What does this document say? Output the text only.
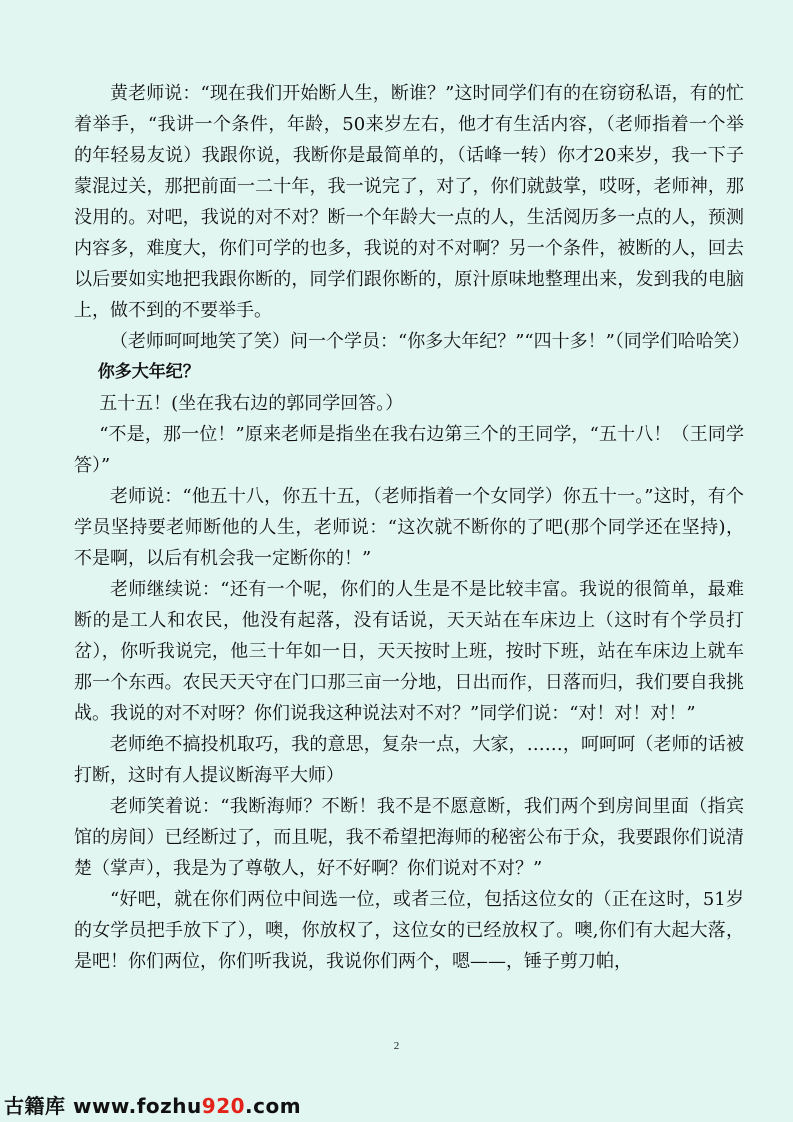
黄老师说：“现在我们开始断人生，断谁？”这时同学们有的在窃窃私语，有的忙着举手，“我讲一个条件，年龄，50来岁左右，他才有生活内容，（老师指着一个举的年轻易友说）我跟你说，我断你是最简单的，（话峰一转）你才20来岁，我一下子蒙混过关，那把前面一二十年，我一说完了，对了，你们就鼓掌，哎呀，老师神，那没用的。对吧，我说的对不对？断一个年龄大一点的人，生活阅历多一点的人，预测内容多，难度大，你们可学的也多，我说的对不对啊？另一个条件，被断的人，回去以后要如实地把我跟你断的，同学们跟你断的，原汁原味地整理出来，发到我的电脑上，做不到的不要举手。

（老师呵呵地笑了笑）问一个学员：“你多大年纪？”“四十多！”（同学们哈哈笑）

你多大年纪？

五十五！(坐在我右边的郭同学回答。）

“不是，那一位！”原来老师是指坐在我右边第三个的王同学，“五十八！（王同学答）”

老师说：“他五十八，你五十五，（老师指着一个女同学）你五十一。”这时，有个学员坚持要老师断他的人生，老师说：“这次就不断你的了吧(那个同学还在坚持)，不是啊，以后有机会我一定断你的！”

老师继续说：“还有一个呢，你们的人生是不是比较丰富。我说的很简单，最难断的是工人和农民，他没有起落，没有话说，天天站在车床边上（这时有个学员打岔），你听我说完，他三十年如一日，天天按时上班，按时下班，站在车床边上就车那一个东西。农民天天守在门口那三亩一分地，日出而作，日落而归，我们要自我挑战。我说的对不对呀？你们说我这种说法对不对？”同学们说：“对！对！对！”

老师绝不搞投机取巧，我的意思，复杂一点，大家，……，呵呵呵（老师的话被打断，这时有人提议断海平大师）

老师笑着说：“我断海师？不断！我不是不愿意断，我们两个到房间里面（指宾馆的房间）已经断过了，而且呢，我不希望把海师的秘密公布于众，我要跟你们说清楚（掌声），我是为了尊敬人，好不好啊？你们说对不对？”

“好吧，就在你们两位中间选一位，或者三位，包括这位女的（正在这时，51岁的女学员把手放下了），噢，你放权了，这位女的已经放权了。噢,你们有大起大落，是吧！你们两位，你们听我说，我说你们两个，嗯——，锤子剪刀帕，

2
古籍库 www.fozhu920.com
